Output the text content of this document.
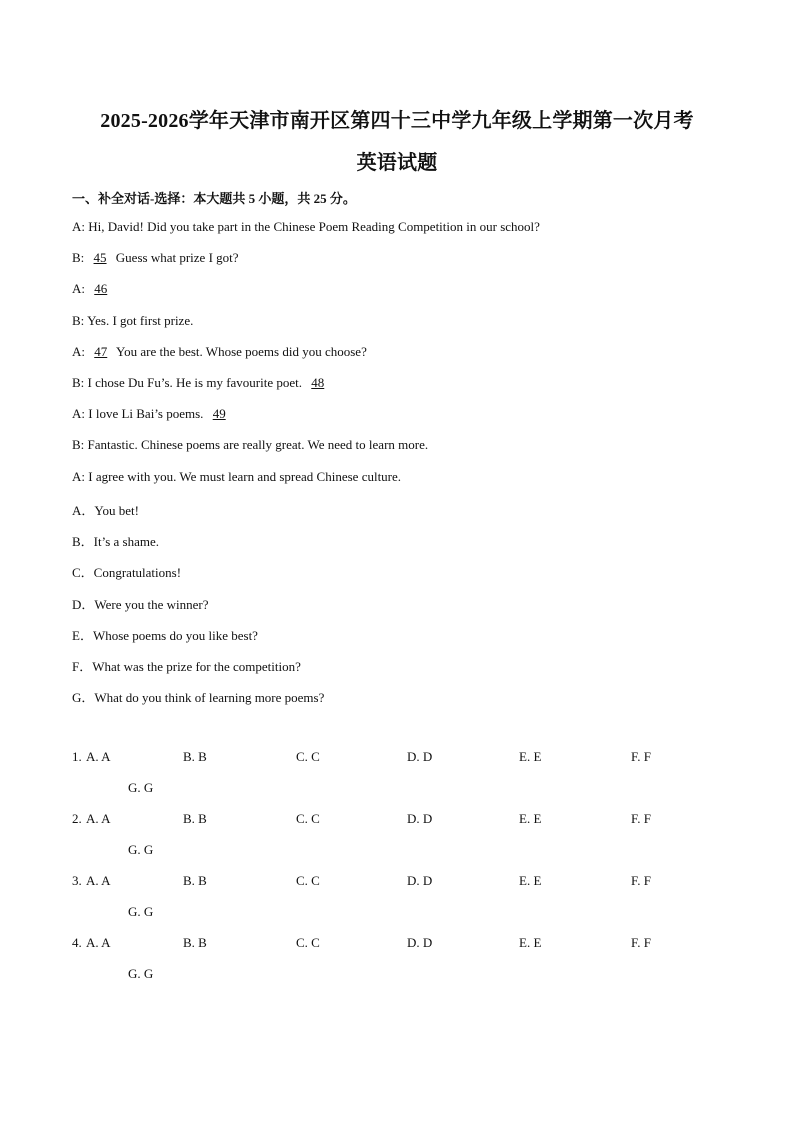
2025-2026学年天津市南开区第四十三中学九年级上学期第一次月考
英语试题
一、补全对话-选择：本大题共 5 小题，共 25 分。
A: Hi, David! Did you take part in the Chinese Poem Reading Competition in our school?
B: 45 Guess what prize I got?
A: 46
B: Yes. I got first prize.
A: 47 You are the best. Whose poems did you choose?
B: I chose Du Fu’s. He is my favourite poet. 48
A: I love Li Bai’s poems. 49
B: Fantastic. Chinese poems are really great. We need to learn more.
A: I agree with you. We must learn and spread Chinese culture.
A．You bet!
B．It’s a shame.
C．Congratulations!
D．Were you the winner?
E．Whose poems do you like best?
F．What was the prize for the competition?
G．What do you think of learning more poems?
1. A. A	B. B	C. C	D. D	E. E	F. F
G. G
2. A. A	B. B	C. C	D. D	E. E	F. F
G. G
3. A. A	B. B	C. C	D. D	E. E	F. F
G. G
4. A. A	B. B	C. C	D. D	E. E	F. F
G. G
